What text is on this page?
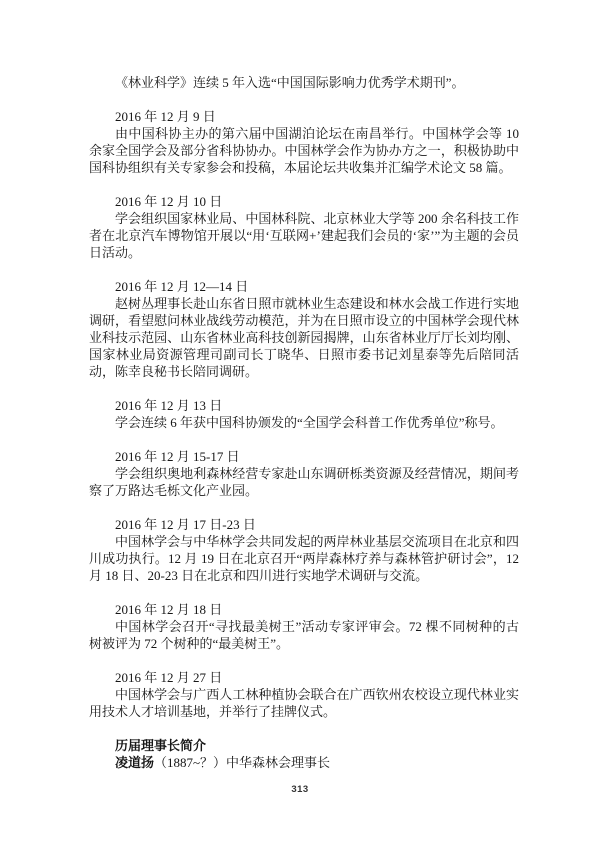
《林业科学》连续 5 年入选“中国国际影响力优秀学术期刊”。

2016 年 12 月 9 日

由中国科协主办的第六届中国湖泊论坛在南昌举行。中国林学会等 10 余家全国学会及部分省科协协办。中国林学会作为协办方之一，积极协助中国科协组织有关专家参会和投稿，本届论坛共收集并汇编学术论文 58 篇。

2016 年 12 月 10 日

学会组织国家林业局、中国林科院、北京林业大学等 200 余名科技工作者在北京汽车博物馆开展以“用‘互联网+’建起我们会员的‘家’”为主题的会员日活动。

2016 年 12 月 12—14 日

赵树丛理事长赴山东省日照市就林业生态建设和林水会战工作进行实地调研，看望慰问林业战线劳动模范，并为在日照市设立的中国林学会现代林业科技示范园、山东省林业高科技创新园揭牌，山东省林业厅厅长刘均刚、国家林业局资源管理司副司长丁晓华、日照市委书记刘星泰等先后陪同活动，陈幸良秘书长陪同调研。

2016 年 12 月 13 日

学会连续 6 年获中国科协颁发的“全国学会科普工作优秀单位”称号。

2016 年 12 月 15-17 日

学会组织奥地利森林经营专家赴山东调研栎类资源及经营情况，期间考察了万路达毛栎文化产业园。

2016 年 12 月 17 日-23 日

中国林学会与中华林学会共同发起的两岸林业基层交流项目在北京和四川成功执行。12 月 19 日在北京召开“两岸森林疗养与森林管护研讨会”，12 月 18 日、20-23 日在北京和四川进行实地学术调研与交流。

2016 年 12 月 18 日

中国林学会召开“寻找最美树王”活动专家评审会。72 棵不同树种的古树被评为 72 个树种的“最美树王”。

2016 年 12 月 27 日

中国林学会与广西人工林种植协会联合在广西钦州农校设立现代林业实用技术人才培训基地，并举行了挂牌仪式。

历届理事长简介

凌道扬（1887~？）中华森林会理事长

313
